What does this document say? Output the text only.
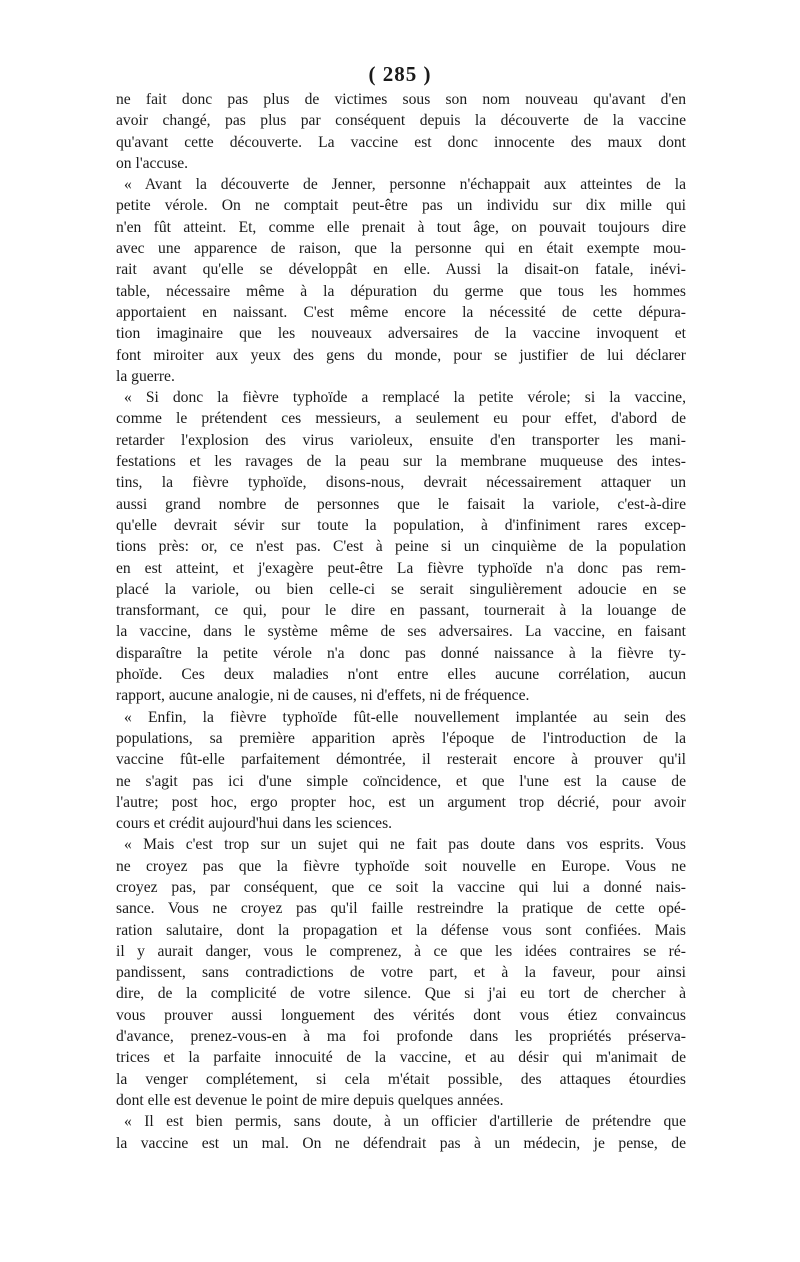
( 285 )
ne fait donc pas plus de victimes sous son nom nouveau qu'avant d'en
avoir changé, pas plus par conséquent depuis la découverte de la vaccine
qu'avant cette découverte. La vaccine est donc innocente des maux dont
on l'accuse.
« Avant la découverte de Jenner, personne n'échappait aux atteintes de la
petite vérole. On ne comptait peut-être pas un individu sur dix mille qui
n'en fût atteint. Et, comme elle prenait à tout âge, on pouvait toujours dire
avec une apparence de raison, que la personne qui en était exempte mou-
rait avant qu'elle se développât en elle. Aussi la disait-on fatale, inévi-
table, nécessaire même à la dépuration du germe que tous les hommes
apportaient en naissant. C'est même encore la nécessité de cette dépura-
tion imaginaire que les nouveaux adversaires de la vaccine invoquent et
font miroiter aux yeux des gens du monde, pour se justifier de lui déclarer
la guerre.
« Si donc la fièvre typhoïde a remplacé la petite vérole; si la vaccine,
comme le prétendent ces messieurs, a seulement eu pour effet, d'abord de
retarder l'explosion des virus varioleux, ensuite d'en transporter les mani-
festations et les ravages de la peau sur la membrane muqueuse des intes-
tins, la fièvre typhoïde, disons-nous, devrait nécessairement attaquer un
aussi grand nombre de personnes que le faisait la variole, c'est-à-dire
qu'elle devrait sévir sur toute la population, à d'infiniment rares excep-
tions près: or, ce n'est pas. C'est à peine si un cinquième de la population
en est atteint, et j'exagère peut-être La fièvre typhoïde n'a donc pas rem-
placé la variole, ou bien celle-ci se serait singulièrement adoucie en se
transformant, ce qui, pour le dire en passant, tournerait à la louange de
la vaccine, dans le système même de ses adversaires. La vaccine, en faisant
disparaître la petite vérole n'a donc pas donné naissance à la fièvre ty-
phoïde. Ces deux maladies n'ont entre elles aucune corrélation, aucun
rapport, aucune analogie, ni de causes, ni d'effets, ni de fréquence.
« Enfin, la fièvre typhoïde fût-elle nouvellement implantée au sein des
populations, sa première apparition après l'époque de l'introduction de la
vaccine fût-elle parfaitement démontrée, il resterait encore à prouver qu'il
ne s'agit pas ici d'une simple coïncidence, et que l'une est la cause de
l'autre; post hoc, ergo propter hoc, est un argument trop décrié, pour avoir
cours et crédit aujourd'hui dans les sciences.
« Mais c'est trop sur un sujet qui ne fait pas doute dans vos esprits. Vous
ne croyez pas que la fièvre typhoïde soit nouvelle en Europe. Vous ne
croyez pas, par conséquent, que ce soit la vaccine qui lui a donné nais-
sance. Vous ne croyez pas qu'il faille restreindre la pratique de cette opé-
ration salutaire, dont la propagation et la défense vous sont confiées. Mais
il y aurait danger, vous le comprenez, à ce que les idées contraires se ré-
pandissent, sans contradictions de votre part, et à la faveur, pour ainsi
dire, de la complicité de votre silence. Que si j'ai eu tort de chercher à
vous prouver aussi longuement des vérités dont vous étiez convaincus
d'avance, prenez-vous-en à ma foi profonde dans les propriétés préserva-
trices et la parfaite innocuité de la vaccine, et au désir qui m'animait de
la venger complétement, si cela m'était possible, des attaques étourdies
dont elle est devenue le point de mire depuis quelques années.
« Il est bien permis, sans doute, à un officier d'artillerie de prétendre que
la vaccine est un mal. On ne défendrait pas à un médecin, je pense, de
